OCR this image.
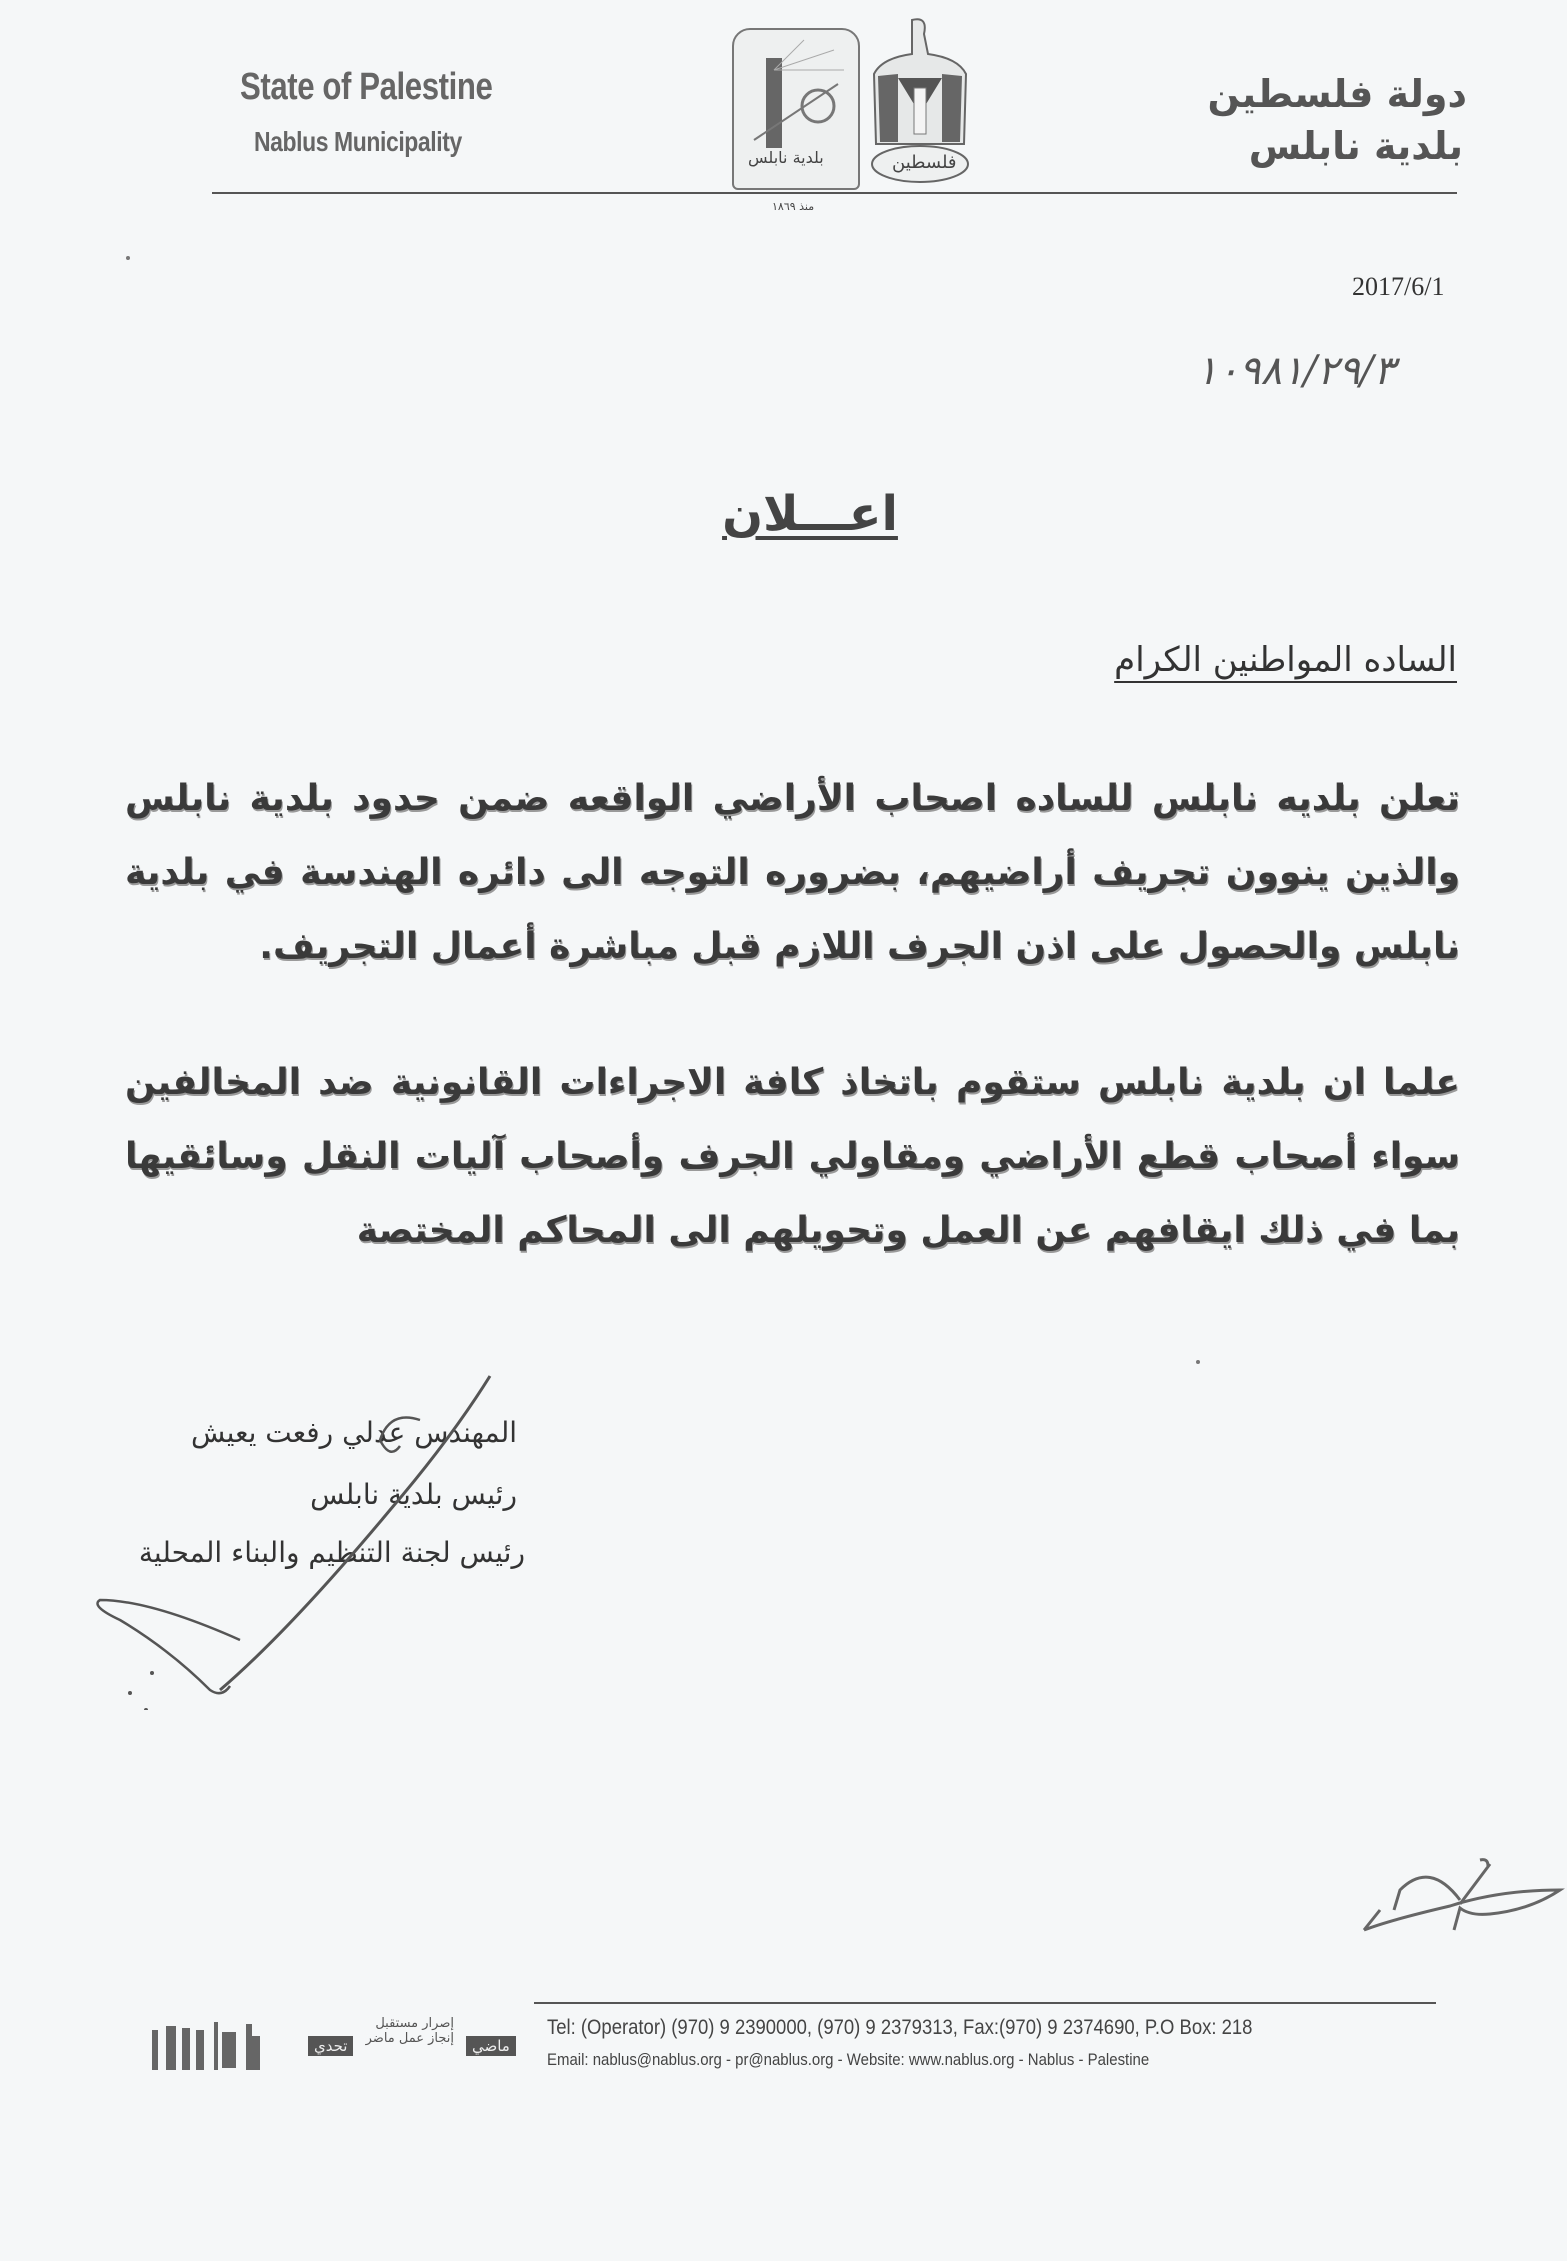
State of Palestine
Nablus Municipality
بلدية نابلس
منذ ١٨٦٩
فلسطين
دولة فلسطين
بلدية نابلس
2017/6/1
١٠٩٨١/٢٩/٣
اعـــلان
الساده المواطنين الكرام
تعلن بلديه نابلس للساده اصحاب الأراضي الواقعه ضمن حدود بلدية نابلس والذين ينوون تجريف أراضيهم، بضروره التوجه الى دائره الهندسة في بلدية نابلس والحصول على اذن الجرف اللازم قبل مباشرة أعمال التجريف.
علما ان بلدية نابلس ستقوم باتخاذ كافة الاجراءات القانونية ضد المخالفين سواء أصحاب قطع الأراضي ومقاولي الجرف وأصحاب آليات النقل وسائقيها بما في ذلك ايقافهم عن العمل وتحويلهم الى المحاكم المختصة
المهندس عدلي رفعت يعيش
رئيس بلدية نابلس
رئيس لجنة التنظيم والبناء المحلية
تحدي
إصرار مستقبل إنجاز عمل ماضر	ماضي
Tel: (Operator) (970) 9 2390000, (970) 9 2379313, Fax:(970) 9 2374690, P.O Box: 218
Email: nablus@nablus.org - pr@nablus.org - Website: www.nablus.org - Nablus - Palestine
